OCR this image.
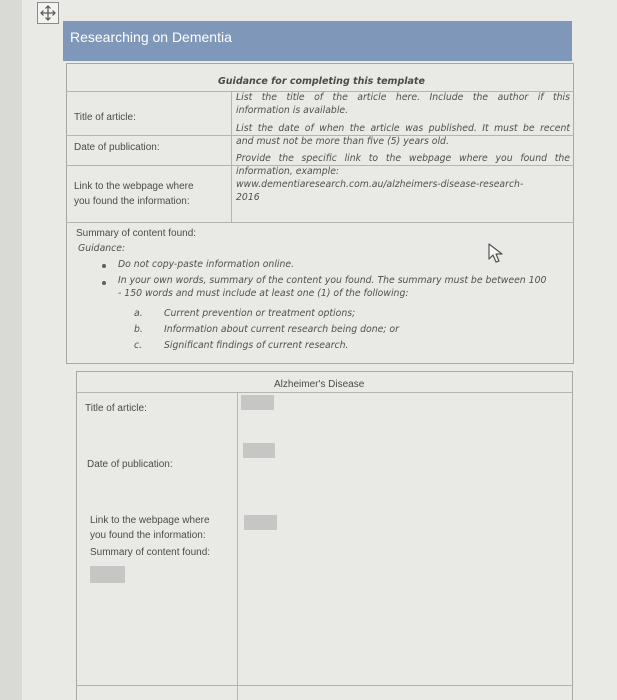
Researching on Dementia
Guidance for completing this template
Title of article:
List the title of the article here. Include the author if this
information is available.
Date of publication:
List the date of when the article was published. It must be recent
and must not be more than five (5) years old.
Link to the webpage where
you found the information:
Provide the specific link to the webpage where you found the
information, example:
www.dementiaresearch.com.au/alzheimers-disease-research-
2016
Summary of content found:
Guidance:
Do not copy-paste information online.
In your own words, summary of the content you found. The summary must be between 100
- 150 words and must include at least one (1) of the following:
a. Current prevention or treatment options;
b. Information about current research being done; or
c. Significant findings of current research.
Alzheimer's Disease
Title of article:
Date of publication:
Link to the webpage where
you found the information:
Summary of content found:
